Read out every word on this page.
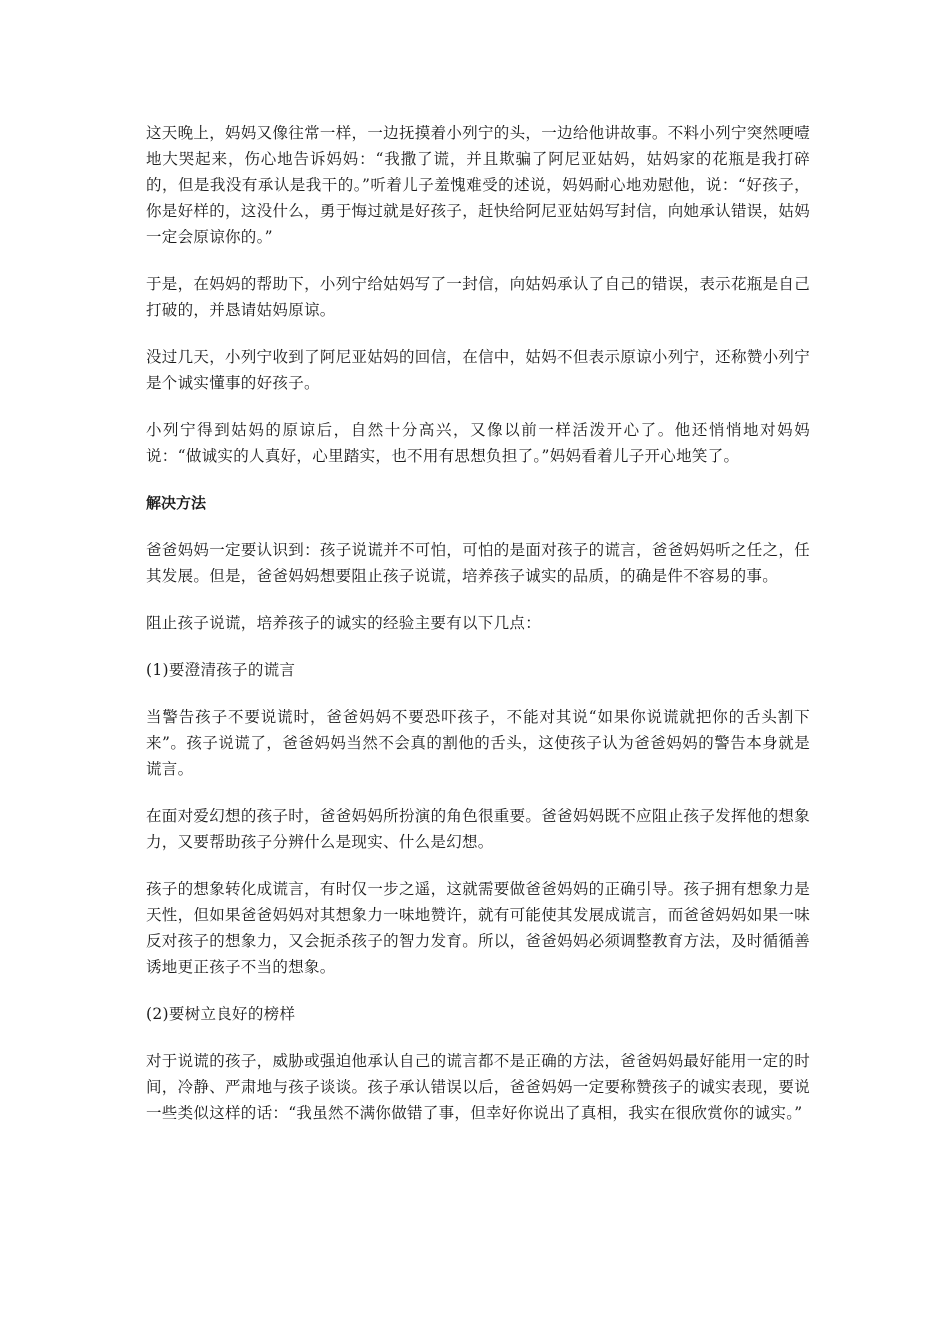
这天晚上，妈妈又像往常一样，一边抚摸着小列宁的头，一边给他讲故事。不料小列宁突然哽噎地大哭起来，伤心地告诉妈妈：“我撒了谎，并且欺骗了阿尼亚姑妈，姑妈家的花瓶是我打碎的，但是我没有承认是我干的。”听着儿子羞愧难受的述说，妈妈耐心地劝慰他，说：“好孩子，你是好样的，这没什么，勇于悔过就是好孩子，赶快给阿尼亚姑妈写封信，向她承认错误，姑妈一定会原谅你的。”

于是，在妈妈的帮助下，小列宁给姑妈写了一封信，向姑妈承认了自己的错误，表示花瓶是自己打破的，并恳请姑妈原谅。

没过几天，小列宁收到了阿尼亚姑妈的回信，在信中，姑妈不但表示原谅小列宁，还称赞小列宁是个诚实懂事的好孩子。

小列宁得到姑妈的原谅后，自然十分高兴，又像以前一样活泼开心了。他还悄悄地对妈妈说：“做诚实的人真好，心里踏实，也不用有思想负担了。”妈妈看着儿子开心地笑了。

解决方法

爸爸妈妈一定要认识到：孩子说谎并不可怕，可怕的是面对孩子的谎言，爸爸妈妈听之任之，任其发展。但是，爸爸妈妈想要阻止孩子说谎，培养孩子诚实的品质，的确是件不容易的事。

阻止孩子说谎，培养孩子的诚实的经验主要有以下几点：

(1)要澄清孩子的谎言

当警告孩子不要说谎时，爸爸妈妈不要恐吓孩子，不能对其说“如果你说谎就把你的舌头割下来”。孩子说谎了，爸爸妈妈当然不会真的割他的舌头，这使孩子认为爸爸妈妈的警告本身就是谎言。

在面对爱幻想的孩子时，爸爸妈妈所扮演的角色很重要。爸爸妈妈既不应阻止孩子发挥他的想象力，又要帮助孩子分辨什么是现实、什么是幻想。

孩子的想象转化成谎言，有时仅一步之遥，这就需要做爸爸妈妈的正确引导。孩子拥有想象力是天性，但如果爸爸妈妈对其想象力一味地赞许，就有可能使其发展成谎言，而爸爸妈妈如果一味反对孩子的想象力，又会扼杀孩子的智力发育。所以，爸爸妈妈必须调整教育方法，及时循循善诱地更正孩子不当的想象。

(2)要树立良好的榜样

对于说谎的孩子，威胁或强迫他承认自己的谎言都不是正确的方法，爸爸妈妈最好能用一定的时间，冷静、严肃地与孩子谈谈。孩子承认错误以后，爸爸妈妈一定要称赞孩子的诚实表现，要说一些类似这样的话：“我虽然不满你做错了事，但幸好你说出了真相，我实在很欣赏你的诚实。”
